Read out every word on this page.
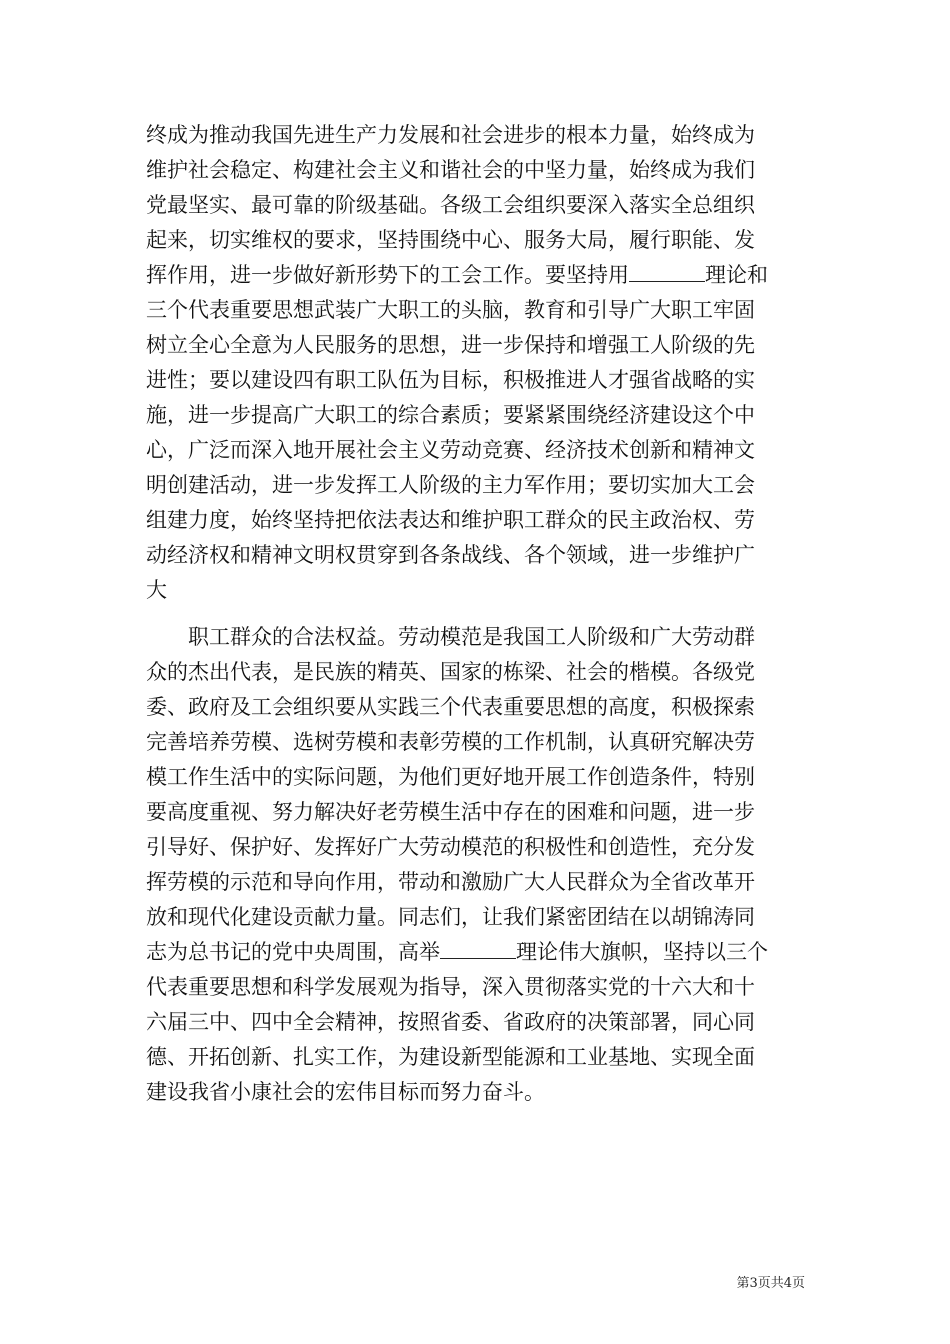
终成为推动我国先进生产力发展和社会进步的根本力量，始终成为
维护社会稳定、构建社会主义和谐社会的中坚力量，始终成为我们
党最坚实、最可靠的阶级基础。各级工会组织要深入落实全总组织
起来，切实维权的要求，坚持围绕中心、服务大局，履行职能、发
挥作用，进一步做好新形势下的工会工作。要坚持用	理论和
三个代表重要思想武装广大职工的头脑，教育和引导广大职工牢固
树立全心全意为人民服务的思想，进一步保持和增强工人阶级的先
进性；要以建设四有职工队伍为目标，积极推进人才强省战略的实
施，进一步提高广大职工的综合素质；要紧紧围绕经济建设这个中
心，广泛而深入地开展社会主义劳动竞赛、经济技术创新和精神文
明创建活动，进一步发挥工人阶级的主力军作用；要切实加大工会
组建力度，始终坚持把依法表达和维护职工群众的民主政治权、劳
动经济权和精神文明权贯穿到各条战线、各个领域，进一步维护广
大
职工群众的合法权益。劳动模范是我国工人阶级和广大劳动群
众的杰出代表，是民族的精英、国家的栋梁、社会的楷模。各级党
委、政府及工会组织要从实践三个代表重要思想的高度，积极探索
完善培养劳模、选树劳模和表彰劳模的工作机制，认真研究解决劳
模工作生活中的实际问题，为他们更好地开展工作创造条件，特别
要高度重视、努力解决好老劳模生活中存在的困难和问题，进一步
引导好、保护好、发挥好广大劳动模范的积极性和创造性，充分发
挥劳模的示范和导向作用，带动和激励广大人民群众为全省改革开
放和现代化建设贡献力量。同志们，让我们紧密团结在以胡锦涛同
志为总书记的党中央周围，高举	理论伟大旗帜，坚持以三个
代表重要思想和科学发展观为指导，深入贯彻落实党的十六大和十
六届三中、四中全会精神，按照省委、省政府的决策部署，同心同
德、开拓创新、扎实工作，为建设新型能源和工业基地、实现全面
建设我省小康社会的宏伟目标而努力奋斗。
第3页共4页
